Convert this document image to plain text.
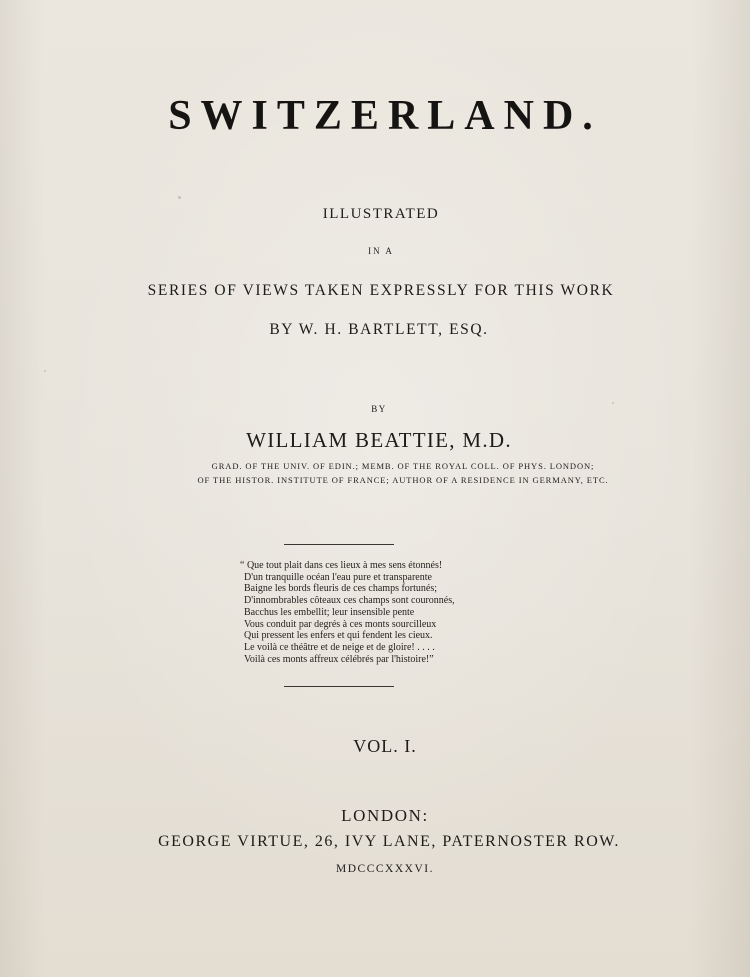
SWITZERLAND.
ILLUSTRATED
IN A
SERIES OF VIEWS TAKEN EXPRESSLY FOR THIS WORK
BY W. H. BARTLETT, ESQ.
BY
WILLIAM BEATTIE, M.D.
GRAD. OF THE UNIV. OF EDIN.; MEMB. OF THE ROYAL COLL. OF PHYS. LONDON;
OF THE HISTOR. INSTITUTE OF FRANCE; AUTHOR OF A RESIDENCE IN GERMANY, ETC.
“ Que tout plait dans ces lieux à mes sens étonnés!
D'un tranquille océan l'eau pure et transparente
Baigne les bords fleuris de ces champs fortunés;
D'innombrables côteaux ces champs sont couronnés,
Bacchus les embellit; leur insensible pente
Vous conduit par degrés à ces monts sourcilleux
Qui pressent les enfers et qui fendent les cieux.
Le voilà ce théâtre et de neige et de gloire! . . . .
Voilà ces monts affreux célébrés par l'histoire!”
VOL. I.
LONDON:
GEORGE VIRTUE, 26, IVY LANE, PATERNOSTER ROW.
MDCCCXXXVI.
